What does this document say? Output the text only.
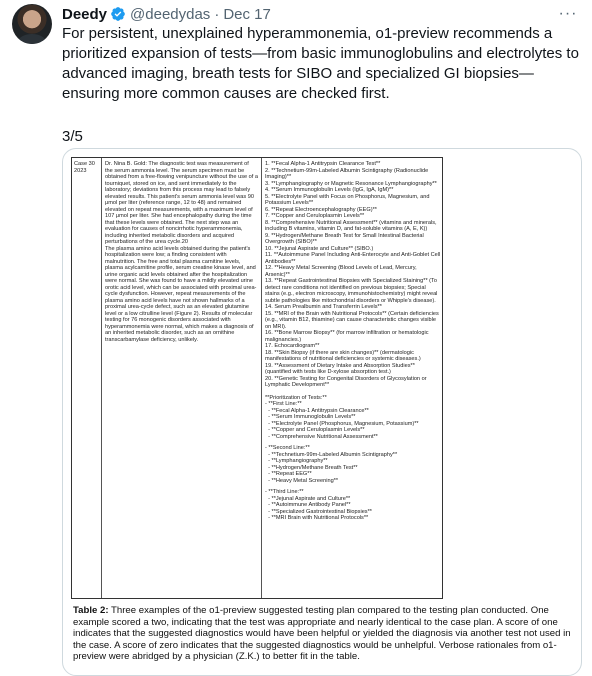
Deedy @deedydas · Dec 17	···
For persistent, unexplained hyperammonemia, o1-preview recommends a prioritized expansion of tests—from basic immunoglobulins and electrolytes to advanced imaging, breath tests for SIBO and specialized GI biopsies—ensuring more common causes are checked first.
3/5
Case 30
2023
Dr. Nina B. Gold: The diagnostic test was measurement of the serum ammonia level. The serum specimen must be obtained from a free-flowing venipuncture without the use of a tourniquet, stored on ice, and sent immediately to the laboratory; deviations from this process may lead to falsely elevated results. This patient's serum ammonia level was 90 μmol per liter (reference range, 12 to 48) and remained elevated on repeat measurements, with a maximum level of 107 μmol per liter. She had encephalopathy during the time that these levels were obtained. The next step was an evaluation for causes of noncirrhotic hyperammonemia, including inherited metabolic disorders and acquired perturbations of the urea cycle.20
The plasma amino acid levels obtained during the patient's hospitalization were low; a finding consistent with malnutrition. The free and total plasma carnitine levels, plasma acylcarnitine profile, serum creatine kinase level, and urine organic acid levels obtained after the hospitalization were normal. She was found to have a mildly elevated urine orotic acid level, which can be associated with proximal urea-cycle dysfunction. However, repeat measurements of the plasma amino acid levels have not shown hallmarks of a proximal urea-cycle defect, such as an elevated glutamine level or a low citrulline level (Figure 2). Results of molecular testing for 76 monogenic disorders associated with hyperammonemia were normal, which makes a diagnosis of an inherited metabolic disorder, such as an ornithine transcarbamylase deficiency, unlikely.
1. **Fecal Alpha-1 Antitrypsin Clearance Test**
2. **Technetium-99m-Labeled Albumin Scintigraphy (Radionuclide Imaging)**
3. **Lymphangiography or Magnetic Resonance Lymphangiography**
4. **Serum Immunoglobulin Levels (IgG, IgA, IgM)**
5. **Electrolyte Panel with Focus on Phosphorus, Magnesium, and Potassium Levels**
6. **Repeat Electroencephalography (EEG)**
7. **Copper and Ceruloplasmin Levels**
8. **Comprehensive Nutritional Assessment** (vitamins and minerals, including B vitamins, vitamin D, and fat-soluble vitamins (A, E, K))
9. **Hydrogen/Methane Breath Test for Small Intestinal Bacterial Overgrowth (SIBO)**
10. **Jejunal Aspirate and Culture** (SIBO.)
11. **Autoimmune Panel Including Anti-Enterocyte and Anti-Goblet Cell Antibodies**
12. **Heavy Metal Screening (Blood Levels of Lead, Mercury, Arsenic)**
13. **Repeat Gastrointestinal Biopsies with Specialized Staining** (To detect rare conditions not identified on previous biopsies; Special stains (e.g., electron microscopy, immunohistochemistry) might reveal subtle pathologies like mitochondrial disorders or Whipple's disease).
14. Serum Prealbumin and Transferrin Levels**
15. **MRI of the Brain with Nutritional Protocols** (Certain deficiencies (e.g., vitamin B12, thiamine) can cause characteristic changes visible on MRI).
16. **Bone Marrow Biopsy** (for marrow infiltration or hematologic malignancies.)
17. Echocardiogram**
18. **Skin Biopsy (if there are skin changes)** (dermatologic manifestations of nutritional deficiencies or systemic diseases.)
19. **Assessment of Dietary Intake and Absorption Studies** (quantified with tests like D-xylose absorption test.)
20. **Genetic Testing for Congenital Disorders of Glycosylation or Lymphatic Development**
**Prioritization of Tests:**
- **First Line:**
- **Fecal Alpha-1 Antitrypsin Clearance**
- **Serum Immunoglobulin Levels**
- **Electrolyte Panel (Phosphorus, Magnesium, Potassium)**
- **Copper and Ceruloplasmin Levels**
- **Comprehensive Nutritional Assessment**
- **Second Line:**
- **Technetium-99m-Labeled Albumin Scintigraphy**
- **Lymphangiography**
- **Hydrogen/Methane Breath Test**
- **Repeat EEG**
- **Heavy Metal Screening**
- **Third Line:**
- **Jejunal Aspirate and Culture**
- **Autoimmune Antibody Panel**
- **Specialized Gastrointestinal Biopsies**
- **MRI Brain with Nutritional Protocols**
Table 2: Three examples of the o1-preview suggested testing plan compared to the testing plan conducted. One example scored a two, indicating that the test was appropriate and nearly identical to the case plan. A score of one indicates that the suggested diagnostics would have been helpful or yielded the diagnosis via another test not used in the case. A score of zero indicates that the suggested diagnostics would be unhelpful. Verbose rationales from o1-preview were abridged by a physician (Z.K.) to better fit in the table.
